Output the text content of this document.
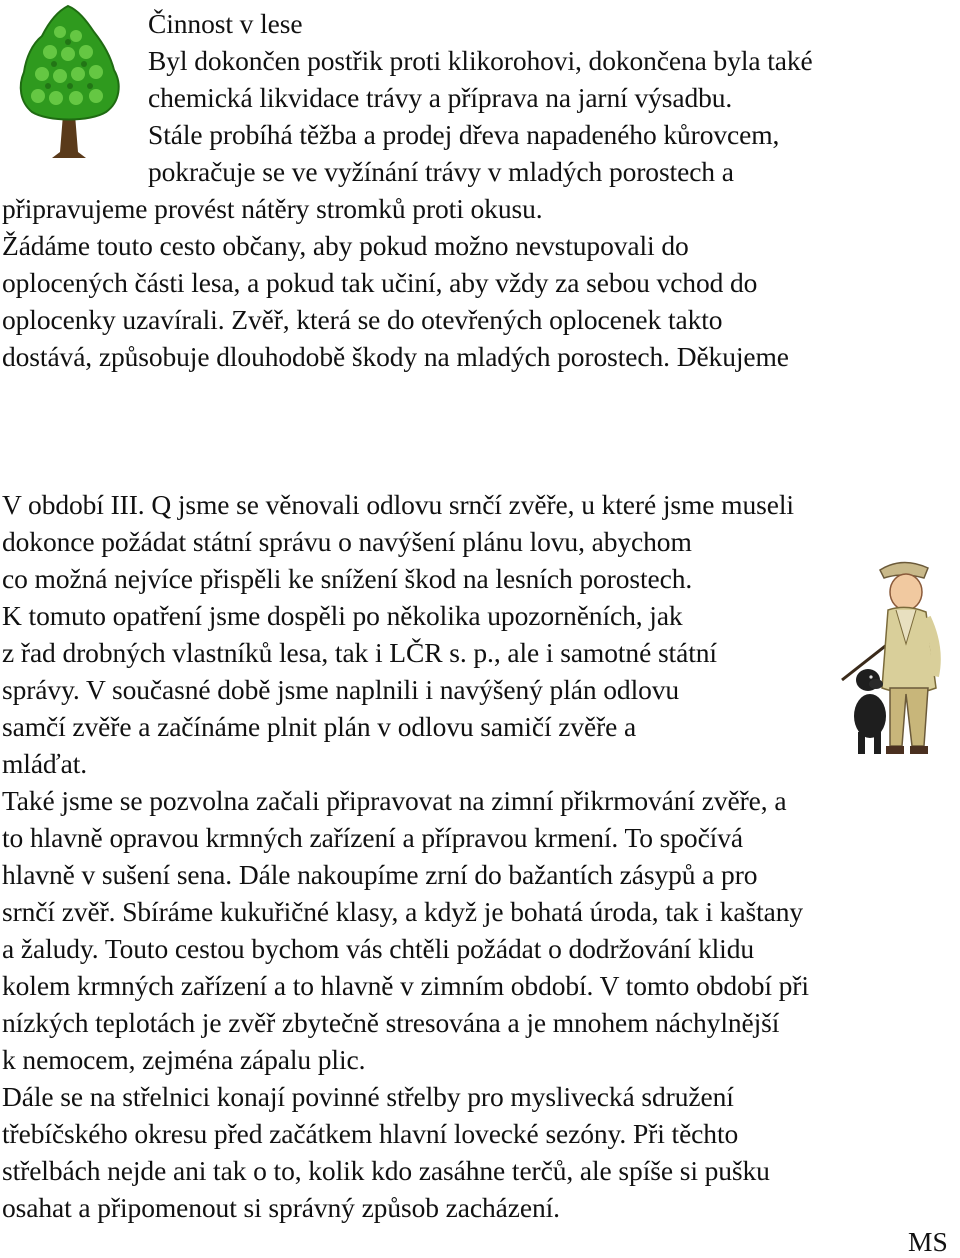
Činnost v lese
Byl dokončen postřik proti klikorohovi, dokončena byla také
chemická likvidace trávy a příprava na jarní výsadbu.
Stále probíhá těžba a prodej dřeva napadeného kůrovcem,
pokračuje se ve vyžínání trávy v mladých porostech a
připravujeme provést nátěry stromků proti okusu.
Žádáme touto cesto občany, aby pokud možno nevstupovali do
oplocených části lesa, a pokud tak učiní, aby vždy za sebou vchod do
oplocenky uzavírali. Zvěř, která se do otevřených oplocenek takto
dostává, způsobuje dlouhodobě škody na mladých porostech. Děkujeme
V období III. Q jsme se věnovali odlovu srnčí zvěře, u které jsme museli
dokonce požádat státní správu o navýšení plánu lovu, abychom
co možná nejvíce přispěli ke snížení škod na lesních porostech.
K tomuto opatření jsme dospěli po několika upozorněních, jak
z řad drobných vlastníků lesa, tak i LČR s. p., ale i samotné státní
správy. V současné době jsme naplnili i navýšený plán odlovu
samčí zvěře a začínáme plnit plán v odlovu samičí zvěře a
mláďat.
Také jsme se pozvolna začali připravovat na zimní přikrmování zvěře, a
to hlavně opravou krmných zařízení a přípravou krmení. To spočívá
hlavně v sušení sena. Dále nakoupíme zrní do bažantích zásypů a pro
srnčí zvěř. Sbíráme kukuřičné klasy, a když je bohatá úroda, tak i kaštany
a žaludy. Touto cestou bychom vás chtěli požádat o dodržování klidu
kolem krmných zařízení a to hlavně v zimním období. V tomto období při
nízkých teplotách je zvěř zbytečně stresována a je mnohem náchylnější
k nemocem, zejména zápalu plic.
Dále se na střelnici konají povinné střelby pro myslivecká sdružení
třebíčského okresu před začátkem hlavní lovecké sezóny. Při těchto
střelbách nejde ani tak o to, kolik kdo zasáhne terčů, ale spíše si pušku
osahat a připomenout si správný způsob zacházení.
MS
